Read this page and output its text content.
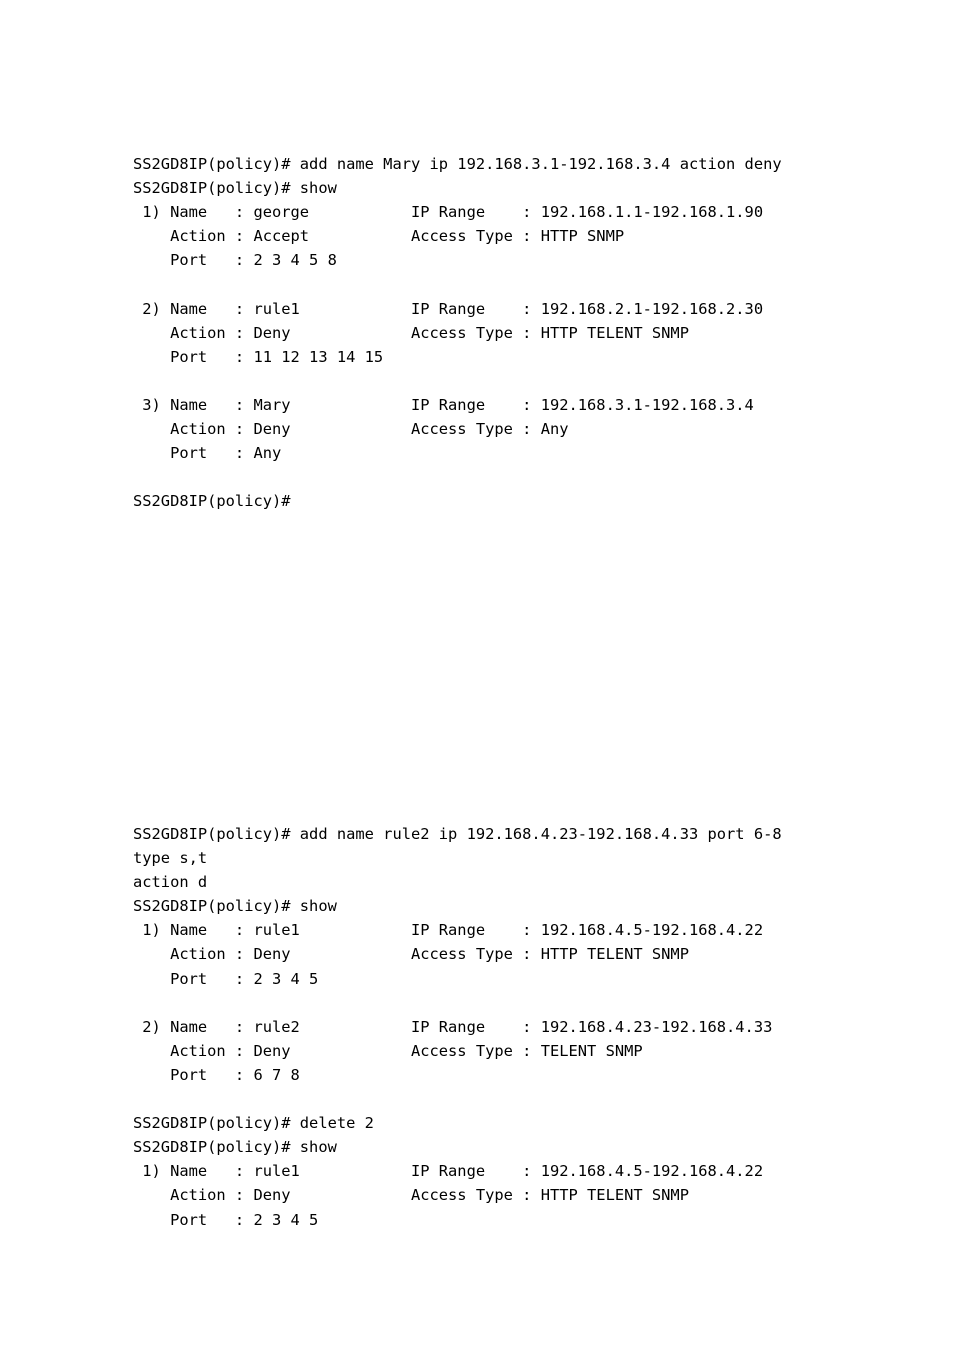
SS2GD8IP(policy)# add name Mary ip 192.168.3.1-192.168.3.4 action deny
SS2GD8IP(policy)# show
1) Name   : george           IP Range    : 192.168.1.1-192.168.1.90
Action : Accept           Access Type : HTTP SNMP
Port   : 2 3 4 5 8
2) Name   : rule1            IP Range    : 192.168.2.1-192.168.2.30
Action : Deny             Access Type : HTTP TELENT SNMP
Port   : 11 12 13 14 15
3) Name   : Mary             IP Range    : 192.168.3.1-192.168.3.4
Action : Deny             Access Type : Any
Port   : Any
SS2GD8IP(policy)#
SS2GD8IP(policy)# add name rule2 ip 192.168.4.23-192.168.4.33 port 6-8
type s,t
action d
SS2GD8IP(policy)# show
1) Name   : rule1            IP Range    : 192.168.4.5-192.168.4.22
Action : Deny             Access Type : HTTP TELENT SNMP
Port   : 2 3 4 5
2) Name   : rule2            IP Range    : 192.168.4.23-192.168.4.33
Action : Deny             Access Type : TELENT SNMP
Port   : 6 7 8
SS2GD8IP(policy)# delete 2
SS2GD8IP(policy)# show
1) Name   : rule1            IP Range    : 192.168.4.5-192.168.4.22
Action : Deny             Access Type : HTTP TELENT SNMP
Port   : 2 3 4 5
